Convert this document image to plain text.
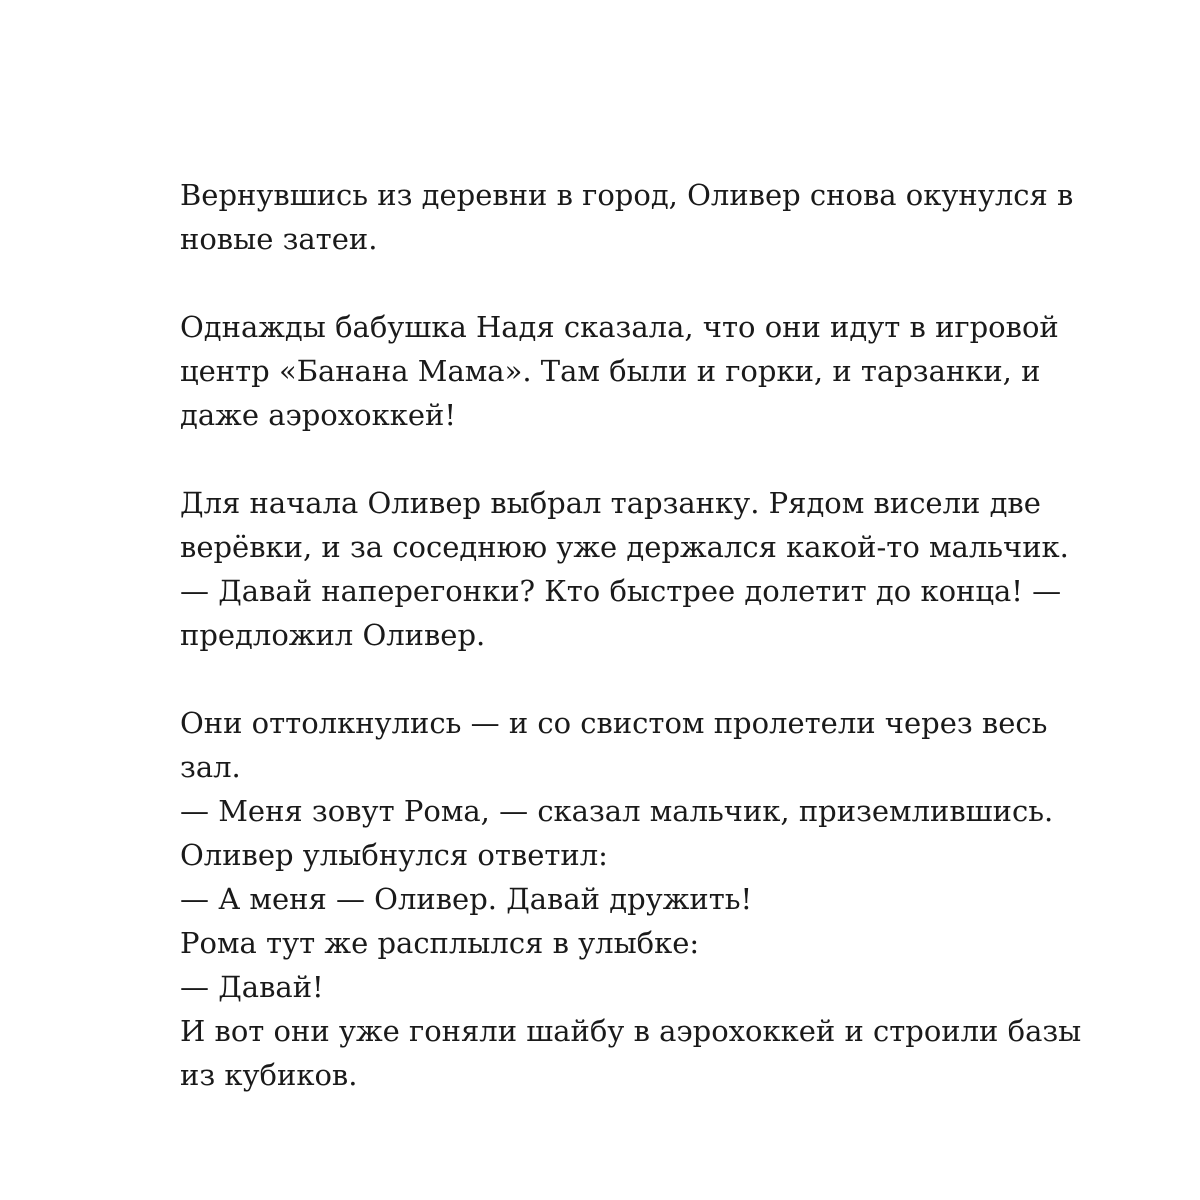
Вернувшись из деревни в город, Оливер снова окунулся в
новые затеи.

Однажды бабушка Надя сказала, что они идут в игровой
центр «Банана Мама». Там были и горки, и тарзанки, и
даже аэрохоккей!

Для начала Оливер выбрал тарзанку. Рядом висели две
верёвки, и за соседнюю уже держался какой-то мальчик.
— Давай наперегонки? Кто быстрее долетит до конца! —
предложил Оливер.

Они оттолкнулись — и со свистом пролетели через весь
зал.
— Меня зовут Рома, — сказал мальчик, приземлившись.
Оливер улыбнулся ответил:
— А меня — Оливер. Давай дружить!
Рома тут же расплылся в улыбке:
— Давай!
И вот они уже гоняли шайбу в аэрохоккей и строили базы
из кубиков.
